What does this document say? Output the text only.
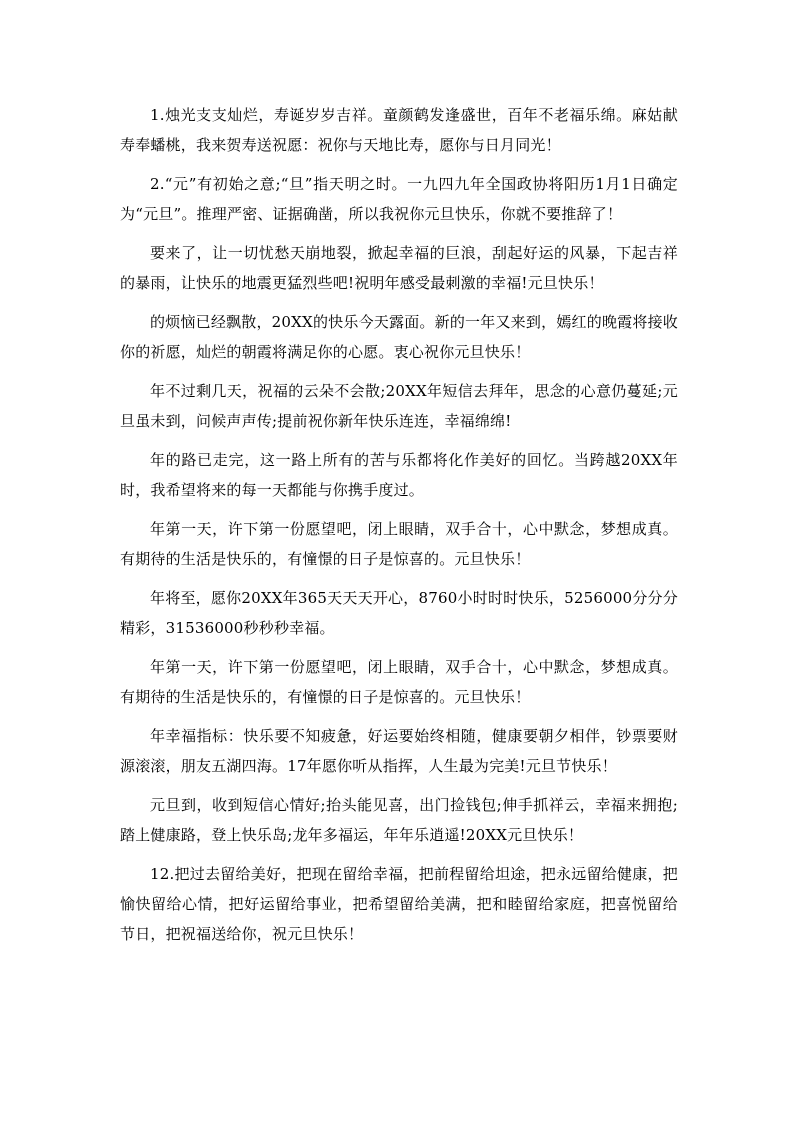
1.烛光支支灿烂，寿诞岁岁吉祥。童颜鹤发逢盛世，百年不老福乐绵。麻姑献寿奉蟠桃，我来贺寿送祝愿：祝你与天地比寿，愿你与日月同光！

2.“元”有初始之意;“旦”指天明之时。一九四九年全国政协将阳历1月1日确定为“元旦”。推理严密、证据确凿，所以我祝你元旦快乐，你就不要推辞了！

要来了，让一切忧愁天崩地裂，掀起幸福的巨浪，刮起好运的风暴，下起吉祥的暴雨，让快乐的地震更猛烈些吧!祝明年感受最刺激的幸福!元旦快乐！

的烦恼已经飘散，20XX的快乐今天露面。新的一年又来到，嫣红的晚霞将接收你的祈愿，灿烂的朝霞将满足你的心愿。衷心祝你元旦快乐！

年不过剩几天，祝福的云朵不会散;20XX年短信去拜年，思念的心意仍蔓延;元旦虽未到，问候声声传;提前祝你新年快乐连连，幸福绵绵!

年的路已走完，这一路上所有的苦与乐都将化作美好的回忆。当跨越20XX年时，我希望将来的每一天都能与你携手度过。

年第一天，许下第一份愿望吧，闭上眼睛，双手合十，心中默念，梦想成真。有期待的生活是快乐的，有憧憬的日子是惊喜的。元旦快乐！

年将至，愿你20XX年365天天天开心，8760小时时时快乐，5256000分分分精彩，31536000秒秒秒幸福。

年第一天，许下第一份愿望吧，闭上眼睛，双手合十，心中默念，梦想成真。有期待的生活是快乐的，有憧憬的日子是惊喜的。元旦快乐！

年幸福指标：快乐要不知疲惫，好运要始终相随，健康要朝夕相伴，钞票要财源滚滚，朋友五湖四海。17年愿你听从指挥，人生最为完美!元旦节快乐！

元旦到，收到短信心情好;抬头能见喜，出门捡钱包;伸手抓祥云，幸福来拥抱;踏上健康路，登上快乐岛;龙年多福运，年年乐逍遥!20XX元旦快乐！

12.把过去留给美好，把现在留给幸福，把前程留给坦途，把永远留给健康，把愉快留给心情，把好运留给事业，把希望留给美满，把和睦留给家庭，把喜悦留给节日，把祝福送给你，祝元旦快乐！
